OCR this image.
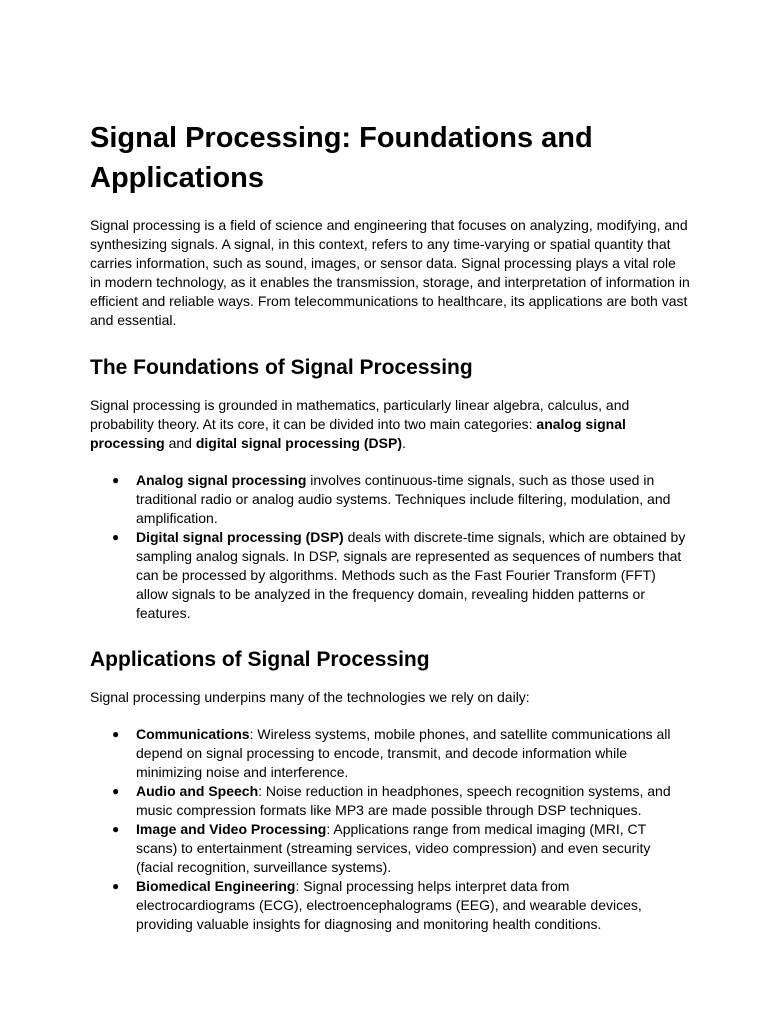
Signal Processing: Foundations and Applications

Signal processing is a field of science and engineering that focuses on analyzing, modifying, and synthesizing signals. A signal, in this context, refers to any time-varying or spatial quantity that carries information, such as sound, images, or sensor data. Signal processing plays a vital role in modern technology, as it enables the transmission, storage, and interpretation of information in efficient and reliable ways. From telecommunications to healthcare, its applications are both vast and essential.

The Foundations of Signal Processing

Signal processing is grounded in mathematics, particularly linear algebra, calculus, and probability theory. At its core, it can be divided into two main categories: analog signal processing and digital signal processing (DSP).

● Analog signal processing involves continuous-time signals, such as those used in traditional radio or analog audio systems. Techniques include filtering, modulation, and amplification.
● Digital signal processing (DSP) deals with discrete-time signals, which are obtained by sampling analog signals. In DSP, signals are represented as sequences of numbers that can be processed by algorithms. Methods such as the Fast Fourier Transform (FFT) allow signals to be analyzed in the frequency domain, revealing hidden patterns or features.
Applications of Signal Processing

Signal processing underpins many of the technologies we rely on daily:

● Communications: Wireless systems, mobile phones, and satellite communications all depend on signal processing to encode, transmit, and decode information while minimizing noise and interference.
● Audio and Speech: Noise reduction in headphones, speech recognition systems, and music compression formats like MP3 are made possible through DSP techniques.
● Image and Video Processing: Applications range from medical imaging (MRI, CT scans) to entertainment (streaming services, video compression) and even security (facial recognition, surveillance systems).
● Biomedical Engineering: Signal processing helps interpret data from electrocardiograms (ECG), electroencephalograms (EEG), and wearable devices, providing valuable insights for diagnosing and monitoring health conditions.
